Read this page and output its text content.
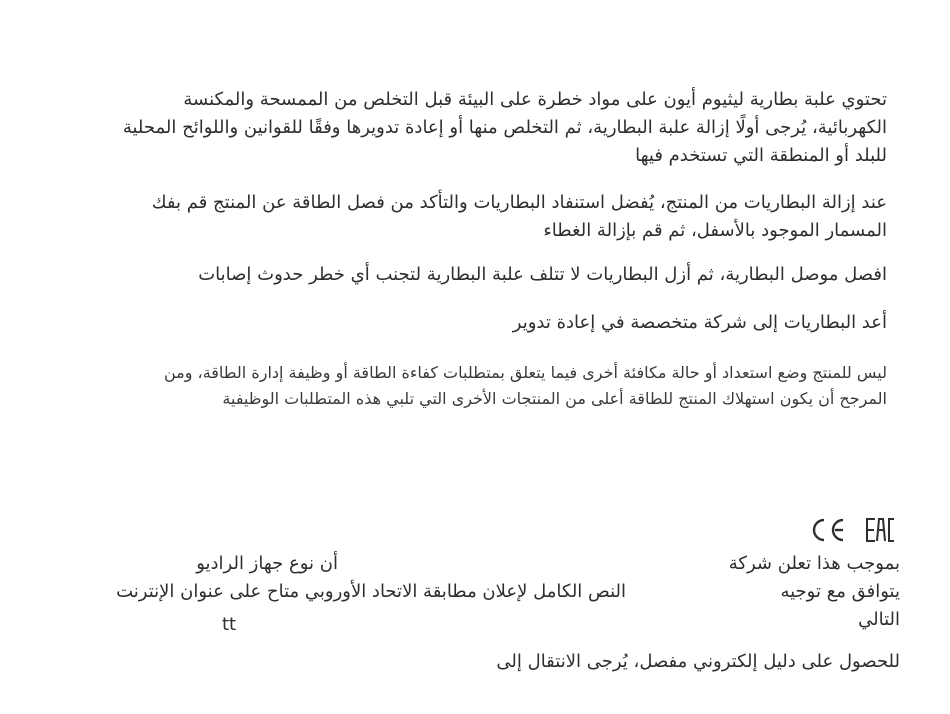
تحتوي علبة بطارية ليثيوم أيون على مواد خطرة على البيئة قبل التخلص من الممسحة والمكنسة
الكهربائية، يُرجى أولًا إزالة علبة البطارية، ثم التخلص منها أو إعادة تدويرها وفقًا للقوانين واللوائح المحلية
للبلد أو المنطقة التي تستخدم فيها

عند إزالة البطاريات من المنتج، يُفضل استنفاد البطاريات والتأكد من فصل الطاقة عن المنتج قم بفك
المسمار الموجود بالأسفل، ثم قم بإزالة الغطاء

افصل موصل البطارية، ثم أزل البطاريات لا تتلف علبة البطارية لتجنب أي خطر حدوث إصابات

أعد البطاريات إلى شركة متخصصة في إعادة تدوير

ليس للمنتج وضع استعداد أو حالة مكافئة أخرى فيما يتعلق بمتطلبات كفاءة الطاقة أو وظيفة إدارة الطاقة، ومن
المرجح أن يكون استهلاك المنتج للطاقة أعلى من المنتجات الأخرى التي تلبي هذه المتطلبات الوظيفية

بموجب هذا تعلن شركة
يتوافق مع توجيه
التالي

أن نوع جهاز الراديو

النص الكامل لإعلان مطابقة الاتحاد الأوروبي متاح على عنوان الإنترنت

tt

للحصول على دليل إلكتروني مفصل، يُرجى الانتقال إلى
